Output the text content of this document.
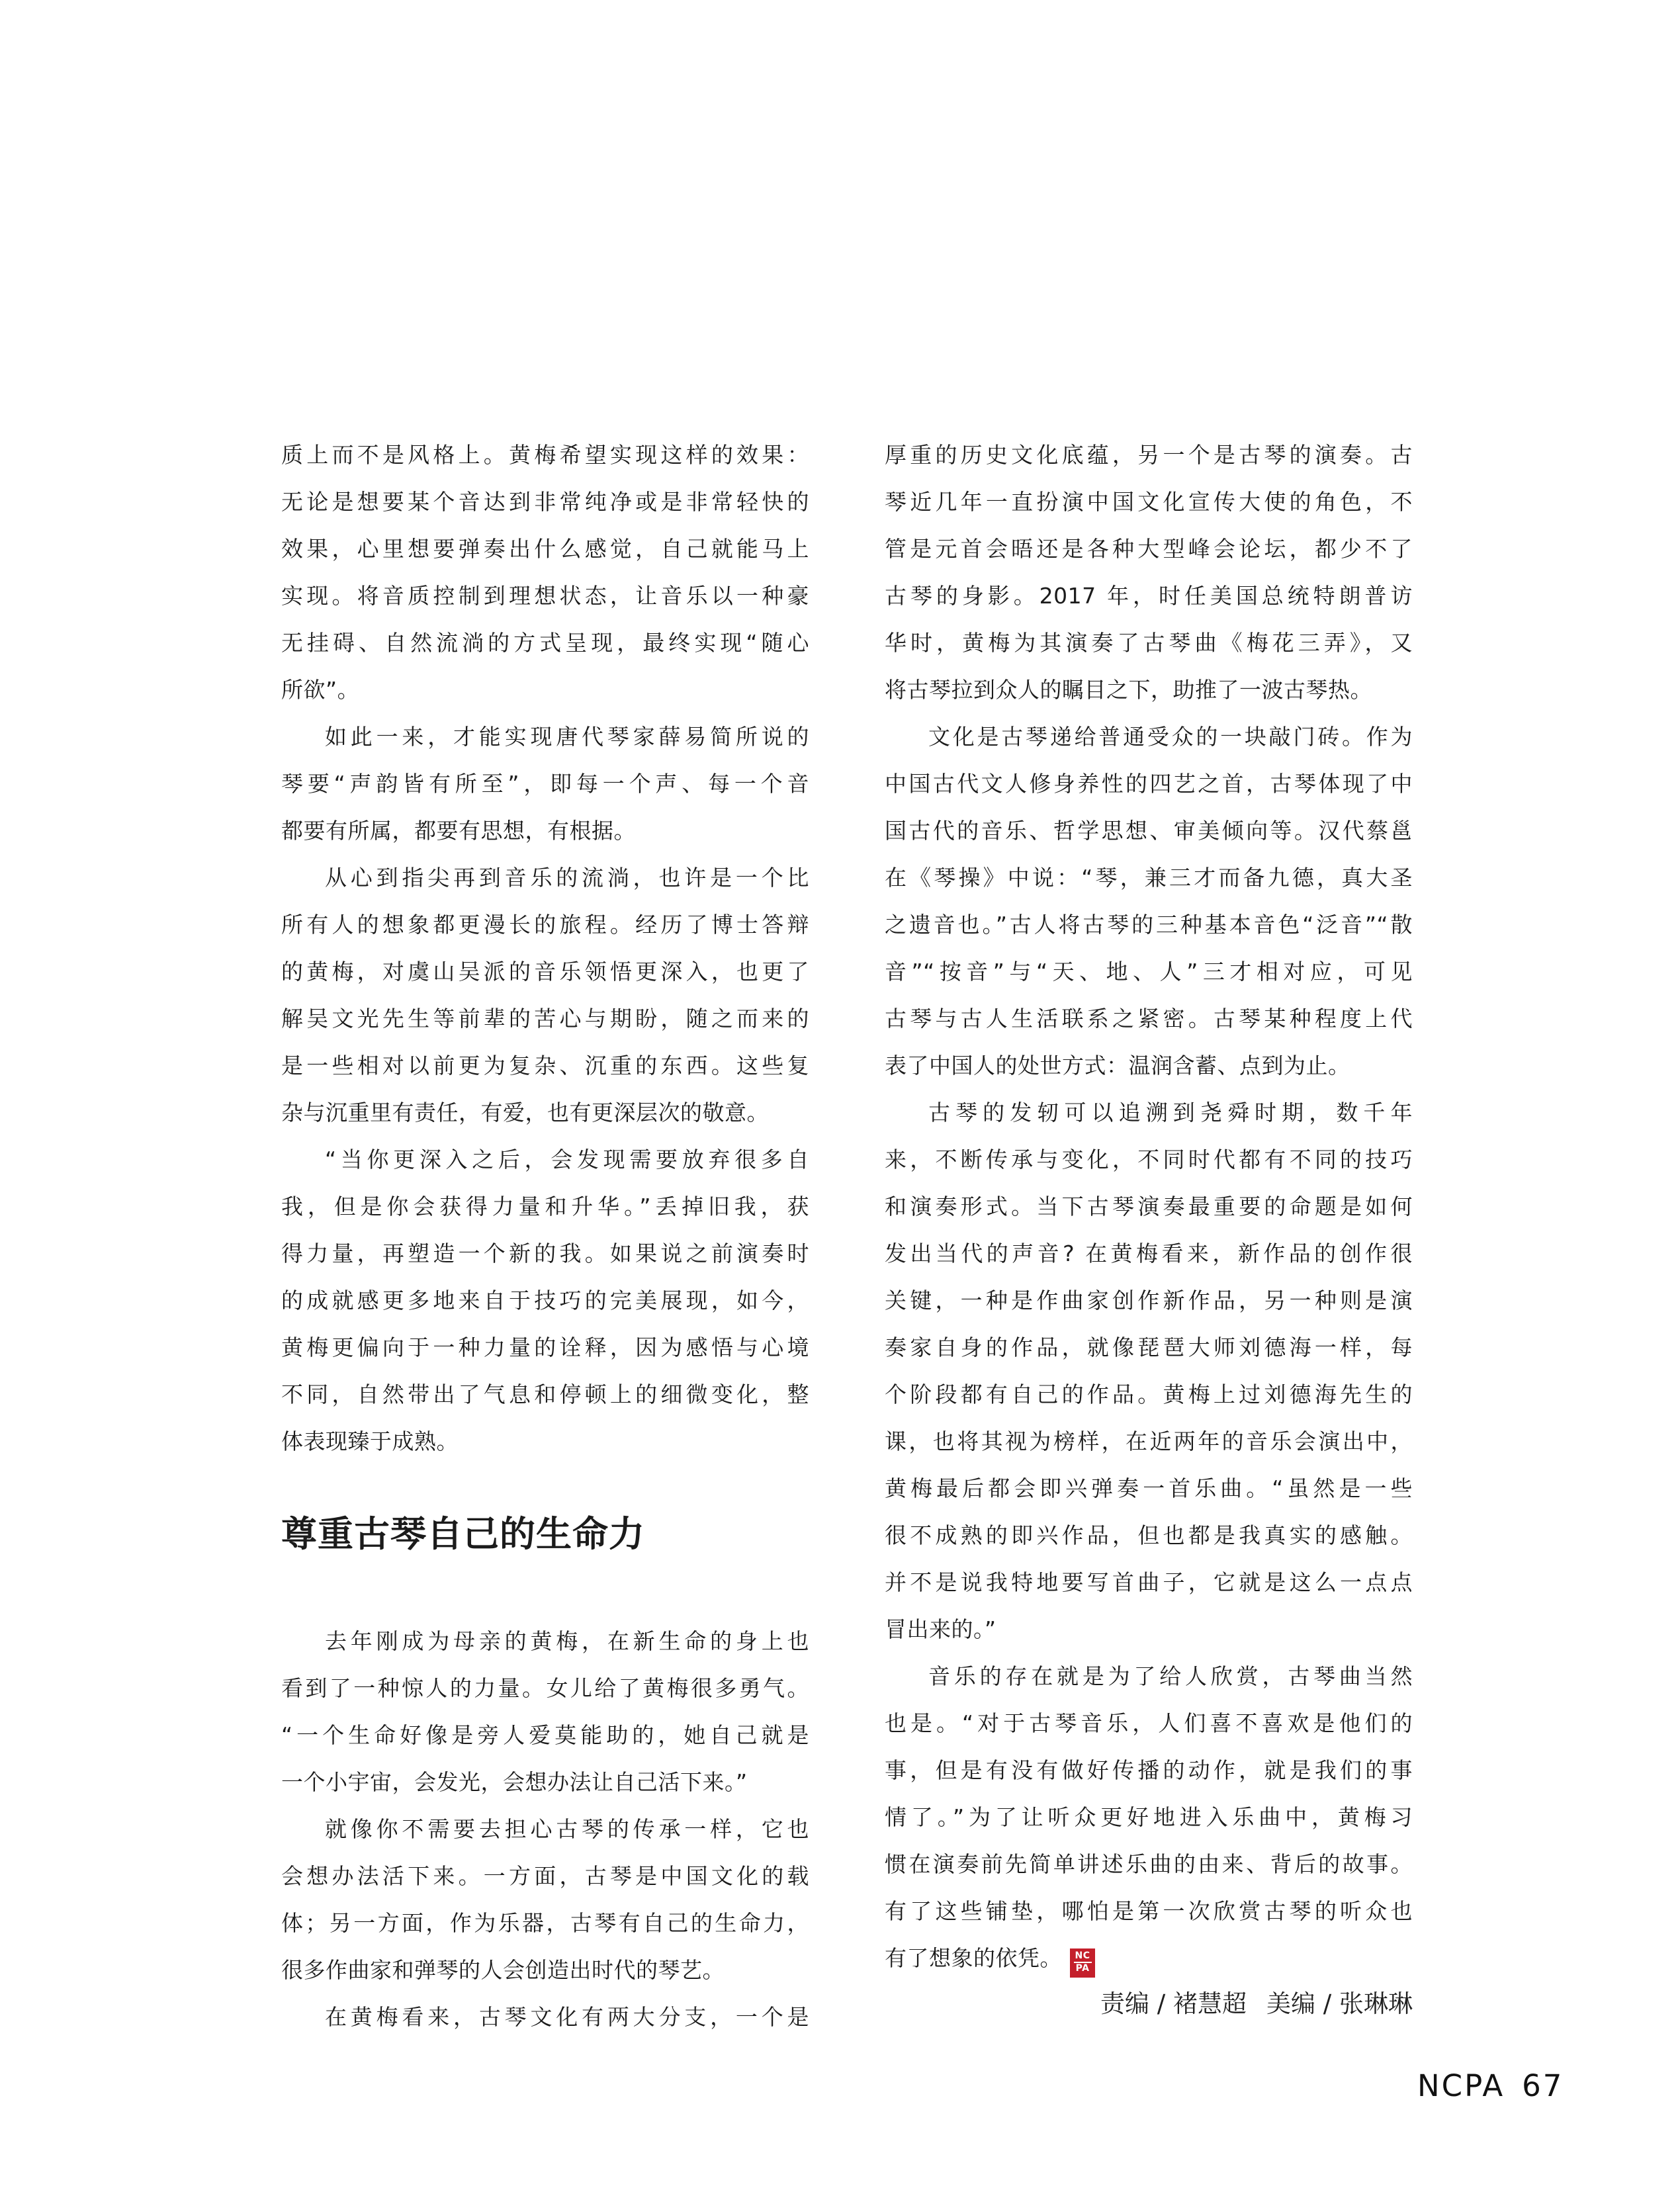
质上而不是风格上。黄梅希望实现这样的效果：
无论是想要某个音达到非常纯净或是非常轻快的
效果，心里想要弹奏出什么感觉，自己就能马上
实现。将音质控制到理想状态，让音乐以一种豪
无挂碍、自然流淌的方式呈现，最终实现“随心
所欲”。
如此一来，才能实现唐代琴家薛易简所说的
琴要“声韵皆有所至”，即每一个声、每一个音
都要有所属，都要有思想，有根据。
从心到指尖再到音乐的流淌，也许是一个比
所有人的想象都更漫长的旅程。经历了博士答辩
的黄梅，对虞山吴派的音乐领悟更深入，也更了
解吴文光先生等前辈的苦心与期盼，随之而来的
是一些相对以前更为复杂、沉重的东西。这些复
杂与沉重里有责任，有爱，也有更深层次的敬意。
“当你更深入之后，会发现需要放弃很多自
我，但是你会获得力量和升华。”丢掉旧我，获
得力量，再塑造一个新的我。如果说之前演奏时
的成就感更多地来自于技巧的完美展现，如今，
黄梅更偏向于一种力量的诠释，因为感悟与心境
不同，自然带出了气息和停顿上的细微变化，整
体表现臻于成熟。
尊重古琴自己的生命力
去年刚成为母亲的黄梅，在新生命的身上也
看到了一种惊人的力量。女儿给了黄梅很多勇气。
“一个生命好像是旁人爱莫能助的，她自己就是
一个小宇宙，会发光，会想办法让自己活下来。”
就像你不需要去担心古琴的传承一样，它也
会想办法活下来。一方面，古琴是中国文化的载
体；另一方面，作为乐器，古琴有自己的生命力，
很多作曲家和弹琴的人会创造出时代的琴艺。
在黄梅看来，古琴文化有两大分支，一个是
厚重的历史文化底蕴，另一个是古琴的演奏。古
琴近几年一直扮演中国文化宣传大使的角色，不
管是元首会晤还是各种大型峰会论坛，都少不了
古琴的身影。2017 年，时任美国总统特朗普访
华时，黄梅为其演奏了古琴曲《梅花三弄》，又
将古琴拉到众人的瞩目之下，助推了一波古琴热。
文化是古琴递给普通受众的一块敲门砖。作为
中国古代文人修身养性的四艺之首，古琴体现了中
国古代的音乐、哲学思想、审美倾向等。汉代蔡邕
在《琴操》中说：“琴，兼三才而备九德，真大圣
之遗音也。”古人将古琴的三种基本音色“泛音”“散
音”“按音”与“天、地、人”三才相对应，可见
古琴与古人生活联系之紧密。古琴某种程度上代
表了中国人的处世方式：温润含蓄、点到为止。
古琴的发轫可以追溯到尧舜时期，数千年
来，不断传承与变化，不同时代都有不同的技巧
和演奏形式。当下古琴演奏最重要的命题是如何
发出当代的声音? 在黄梅看来，新作品的创作很
关键，一种是作曲家创作新作品，另一种则是演
奏家自身的作品，就像琵琶大师刘德海一样，每
个阶段都有自己的作品。黄梅上过刘德海先生的
课，也将其视为榜样，在近两年的音乐会演出中，
黄梅最后都会即兴弹奏一首乐曲。“虽然是一些
很不成熟的即兴作品，但也都是我真实的感触。
并不是说我特地要写首曲子，它就是这么一点点
冒出来的。”
音乐的存在就是为了给人欣赏，古琴曲当然
也是。“对于古琴音乐，人们喜不喜欢是他们的
事，但是有没有做好传播的动作，就是我们的事
情了。”为了让听众更好地进入乐曲中，黄梅习
惯在演奏前先简单讲述乐曲的由来、背后的故事。
有了这些铺垫，哪怕是第一次欣赏古琴的听众也
有了想象的依凭。 $\frac{NC}{PA}$
责编 / 褚慧超 美编 / 张琳琳
NCPA 67
